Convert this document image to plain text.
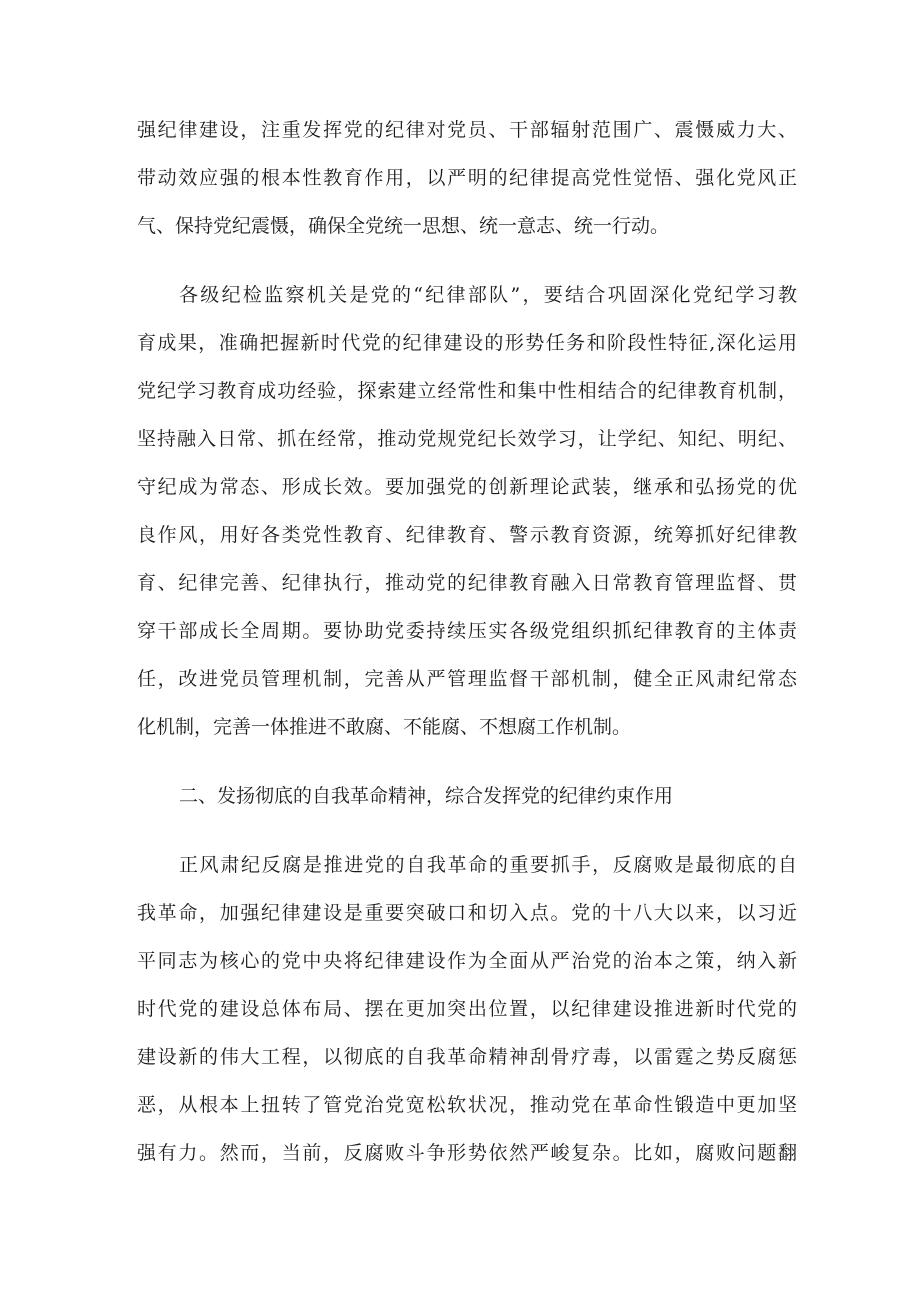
强纪律建设，注重发挥党的纪律对党员、干部辐射范围广、震慑威力大、
带动效应强的根本性教育作用，以严明的纪律提高党性觉悟、强化党风正
气、保持党纪震慑，确保全党统一思想、统一意志、统一行动。
各级纪检监察机关是党的“纪律部队”，要结合巩固深化党纪学习教
育成果，准确把握新时代党的纪律建设的形势任务和阶段性特征,深化运用
党纪学习教育成功经验，探索建立经常性和集中性相结合的纪律教育机制，
坚持融入日常、抓在经常，推动党规党纪长效学习，让学纪、知纪、明纪、
守纪成为常态、形成长效。要加强党的创新理论武装，继承和弘扬党的优
良作风，用好各类党性教育、纪律教育、警示教育资源，统筹抓好纪律教
育、纪律完善、纪律执行，推动党的纪律教育融入日常教育管理监督、贯
穿干部成长全周期。要协助党委持续压实各级党组织抓纪律教育的主体责
任，改进党员管理机制，完善从严管理监督干部机制，健全正风肃纪常态
化机制，完善一体推进不敢腐、不能腐、不想腐工作机制。
二、发扬彻底的自我革命精神，综合发挥党的纪律约束作用
正风肃纪反腐是推进党的自我革命的重要抓手，反腐败是最彻底的自
我革命，加强纪律建设是重要突破口和切入点。党的十八大以来，以习近
平同志为核心的党中央将纪律建设作为全面从严治党的治本之策，纳入新
时代党的建设总体布局、摆在更加突出位置，以纪律建设推进新时代党的
建设新的伟大工程，以彻底的自我革命精神刮骨疗毒，以雷霆之势反腐惩
恶，从根本上扭转了管党治党宽松软状况，推动党在革命性锻造中更加坚
强有力。然而，当前，反腐败斗争形势依然严峻复杂。比如，腐败问题翻
